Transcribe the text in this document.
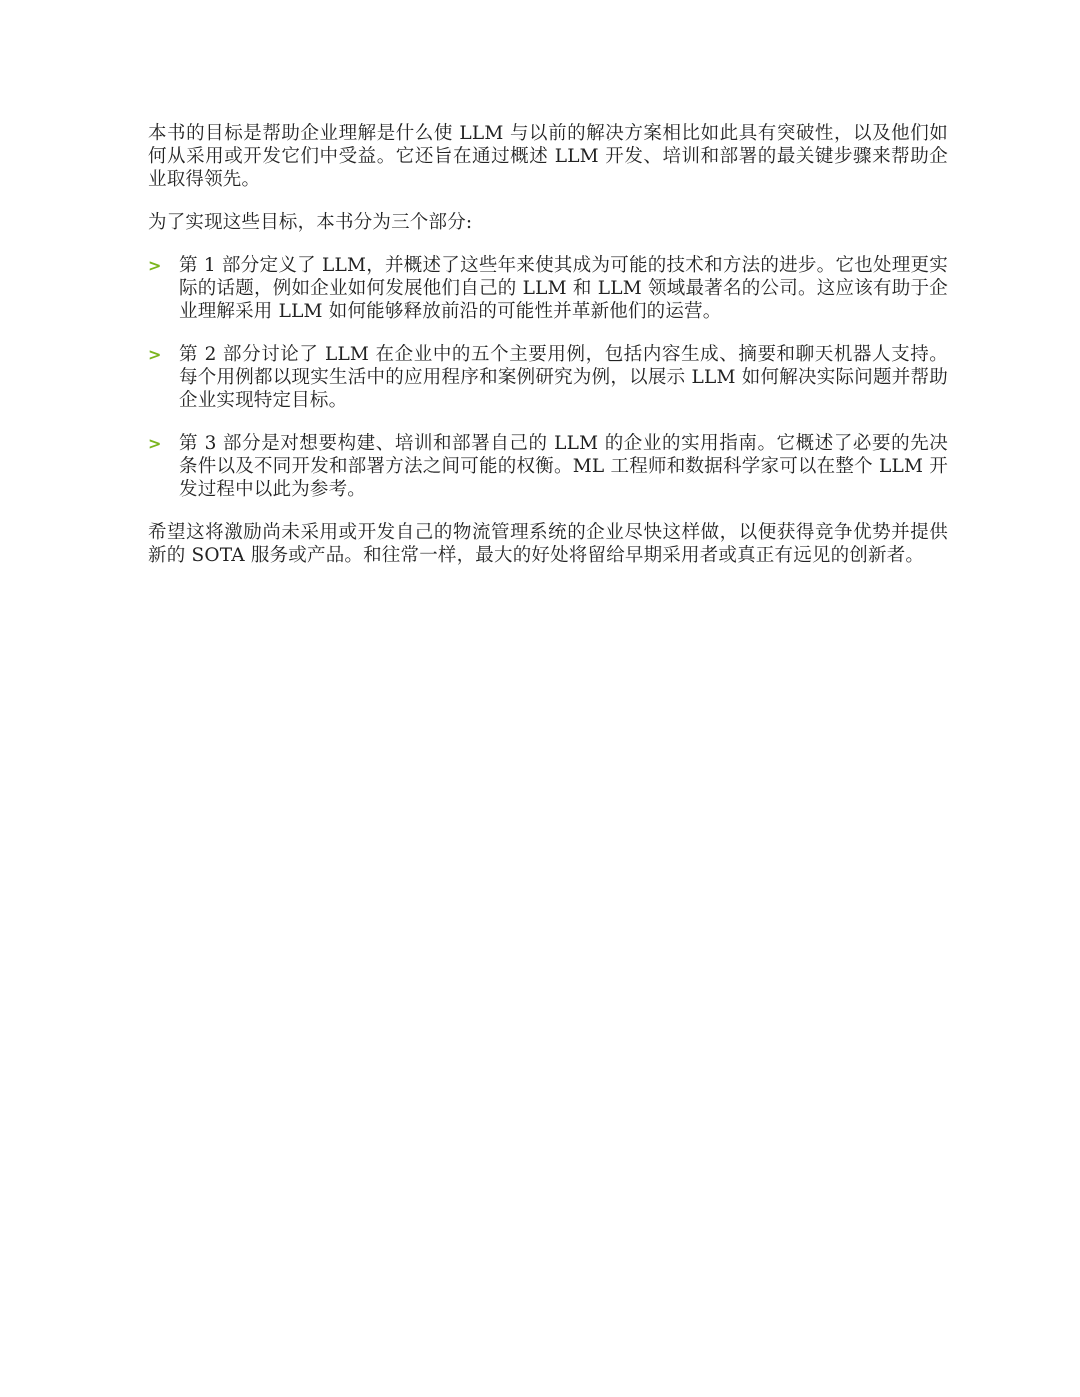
本书的目标是帮助企业理解是什么使 LLM 与以前的解决方案相比如此具有突破性，以及他们如何从采用或开发它们中受益。它还旨在通过概述 LLM 开发、培训和部署的最关键步骤来帮助企业取得领先。

为了实现这些目标，本书分为三个部分:

> 第 1 部分定义了 LLM，并概述了这些年来使其成为可能的技术和方法的进步。它也处理更实际的话题，例如企业如何发展他们自己的 LLM 和 LLM 领域最著名的公司。这应该有助于企业理解采用 LLM 如何能够释放前沿的可能性并革新他们的运营。
> 第 2 部分讨论了 LLM 在企业中的五个主要用例，包括内容生成、摘要和聊天机器人支持。每个用例都以现实生活中的应用程序和案例研究为例，以展示 LLM 如何解决实际问题并帮助企业实现特定目标。
> 第 3 部分是对想要构建、培训和部署自己的 LLM 的企业的实用指南。它概述了必要的先决条件以及不同开发和部署方法之间可能的权衡。ML 工程师和数据科学家可以在整个 LLM 开发过程中以此为参考。

希望这将激励尚未采用或开发自己的物流管理系统的企业尽快这样做，以便获得竞争优势并提供新的 SOTA 服务或产品。和往常一样，最大的好处将留给早期采用者或真正有远见的创新者。
